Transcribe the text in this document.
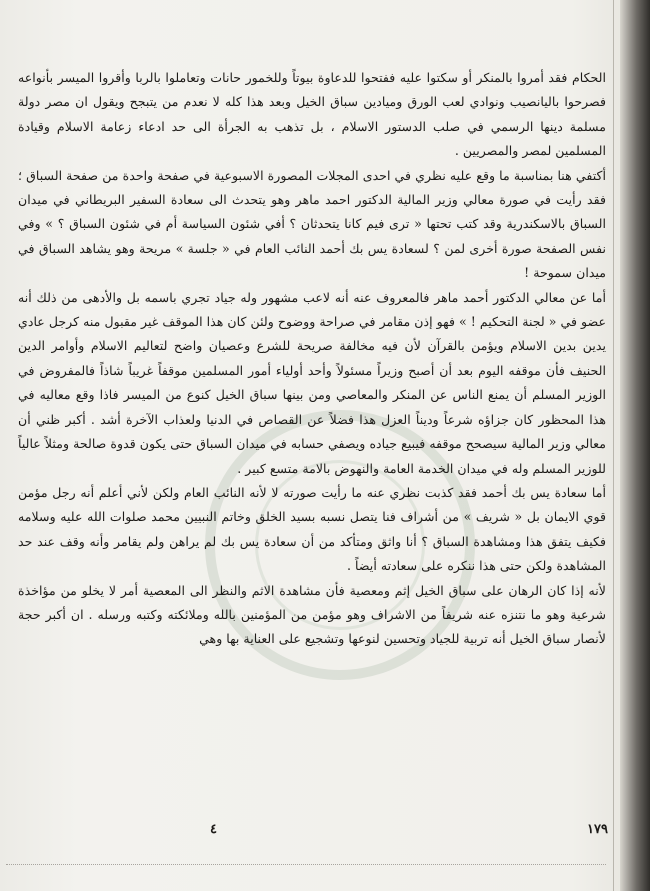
الحكام فقد أمروا بالمنكر أو سكتوا عليه ففتحوا للدعاوة بيوتاً وللخمور حانات وتعاملوا بالربا وأقروا الميسر بأنواعه فصرحوا باليانصيب ونوادي لعب الورق وميادين سباق الخيل وبعد هذا كله لا نعدم من يتبجح ويقول ان مصر دولة مسلمة دينها الرسمي في صلب الدستور الاسلام ، بل تذهب به الجرأة الى حد ادعاء زعامة الاسلام وقيادة المسلمين لمصر والمصريين .

أكتفي هنا بمناسبة ما وقع عليه نظري في احدى المجلات المصورة الاسبوعية في صفحة واحدة من صفحة السباق ؛ فقد رأيت في صورة معالي وزير المالية الدكتور احمد ماهر وهو يتحدث الى سعادة السفير البريطاني في ميدان السباق بالاسكندرية وقد كتب تحتها « ترى فيم كانا يتحدثان ؟ أفي شئون السياسة أم في شئون السباق ؟ » وفي نفس الصفحة صورة أخرى لمن ؟ لسعادة يس بك أحمد النائب العام في « جلسة » مريحة وهو يشاهد السباق في ميدان سموحة !

أما عن معالي الدكتور أحمد ماهر فالمعروف عنه أنه لاعب مشهور وله جياد تجري باسمه بل والأدهى من ذلك أنه عضو في « لجنة التحكيم ! » فهو إذن مقامر في صراحة ووضوح ولئن كان هذا الموقف غير مقبول منه كرجل عادي يدين بدين الاسلام ويؤمن بالقرآن لأن فيه مخالفة صريحة للشرع وعصيان واضح لتعاليم الاسلام وأوامر الدين الحنيف فأن موقفه اليوم بعد أن أصبح وزيراً مسئولاً وأحد أولياء أمور المسلمين موقفاً غريباً شاذاً فالمفروض في الوزير المسلم أن يمنع الناس عن المنكر والمعاصي ومن بينها سباق الخيل كنوع من الميسر فاذا وقع معاليه في هذا المحظور كان جزاؤه شرعاً وديناً العزل هذا فضلاً عن القصاص في الدنيا ولعذاب الآخرة أشد . أكبر ظني أن معالي وزير المالية سيصحح موقفه فيبيع جياده ويصفي حسابه في ميدان السباق حتى يكون قدوة صالحة ومثلاً عالياً للوزير المسلم وله في ميدان الخدمة العامة والنهوض بالامة متسع كبير .

أما سعادة يس بك أحمد فقد كذبت نظري عنه ما رأيت صورته لا لأنه النائب العام ولكن لأني أعلم أنه رجل مؤمن قوي الايمان بل « شريف » من أشراف فنا يتصل نسبه بسيد الخلق وخاتم النبيين محمد صلوات الله عليه وسلامه فكيف يتفق هذا ومشاهدة السباق ؟ أنا واثق ومتأكد من أن سعادة يس بك لم يراهن ولم يقامر وأنه وقف عند حد المشاهدة ولكن حتى هذا ننكره على سعادته أيضاً .

لأنه إذا كان الرهان على سباق الخيل إثم ومعصية فأن مشاهدة الاثم والنظر الى المعصية أمر لا يخلو من مؤاخذة شرعية وهو ما نتنزه عنه شريفاً من الاشراف وهو مؤمن من المؤمنين بالله وملائكته وكتبه ورسله . ان أكبر حجة لأنصار سباق الخيل أنه تربية للجياد وتحسين لنوعها وتشجيع على العناية بها وهي

١٧٩
٤
